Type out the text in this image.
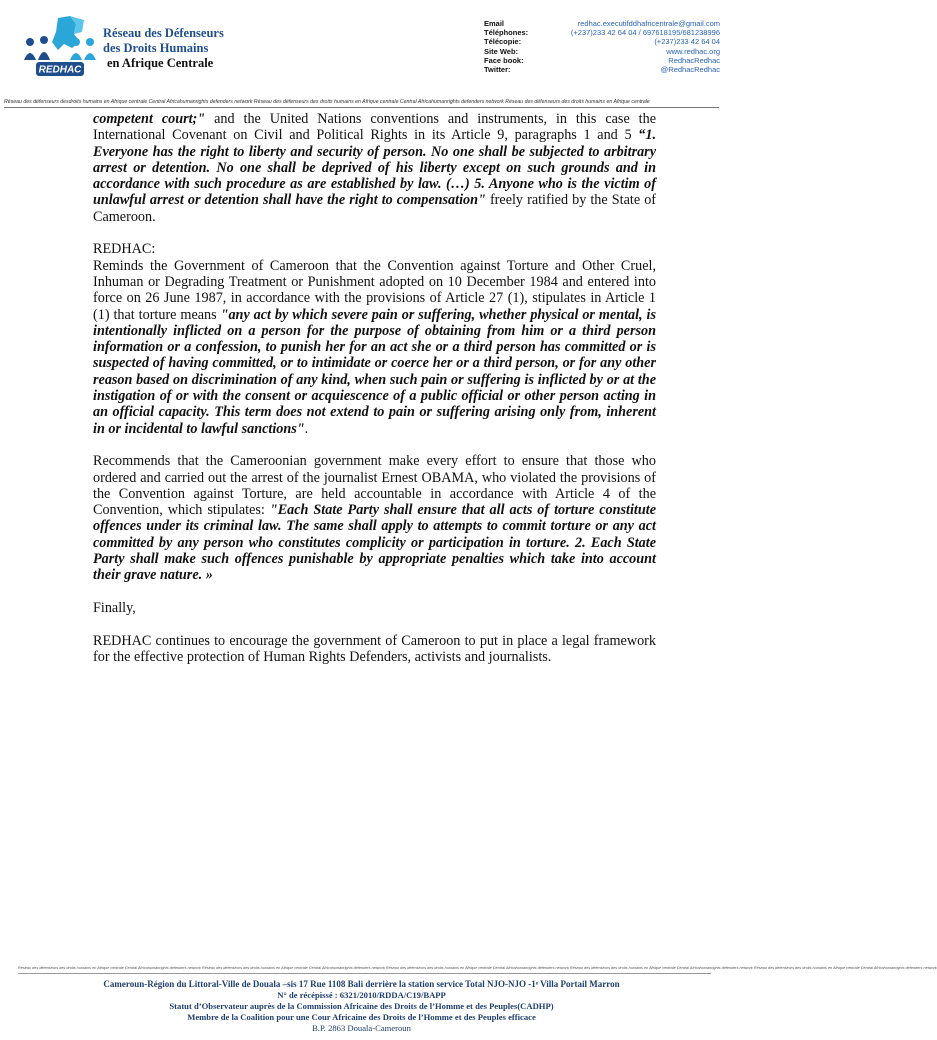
REDHAC
Réseau des Défenseurs
des Droits Humains
en Afrique Centrale
Email	redhac.executifddhafricentrale@gmail.com
Téléphones:	(+237)233 42 64 04 / 697618195/681238996
Télécopie:	(+237)233 42 64 04
Site Web:	www.redhac.org
Face book:	RedhacRedhac
Twitter:	@RedhacRedhac
Réseau des défenseurs desdroits humains en Afrique centrale Central Africahumanrights defenders network Réseau des défenseurs des droits humains en Afrique centrale Central Africahumanrights defenders network Réseau des défenseurs des droits humains en Afrique centrale

competent court;" and the United Nations conventions and instruments, in this case the International Covenant on Civil and Political Rights in its Article 9, paragraphs 1 and 5 “1. Everyone has the right to liberty and security of person. No one shall be subjected to arbitrary arrest or detention. No one shall be deprived of his liberty except on such grounds and in accordance with such procedure as are established by law. (…) 5. Anyone who is the victim of unlawful arrest or detention shall have the right to compensation" freely ratified by the State of Cameroon.

REDHAC:

Reminds the Government of Cameroon that the Convention against Torture and Other Cruel, Inhuman or Degrading Treatment or Punishment adopted on 10 December 1984 and entered into force on 26 June 1987, in accordance with the provisions of Article 27 (1), stipulates in Article 1 (1) that torture means "any act by which severe pain or suffering, whether physical or mental, is intentionally inflicted on a person for the purpose of obtaining from him or a third person information or a confession, to punish her for an act she or a third person has committed or is suspected of having committed, or to intimidate or coerce her or a third person, or for any other reason based on discrimination of any kind, when such pain or suffering is inflicted by or at the instigation of or with the consent or acquiescence of a public official or other person acting in an official capacity. This term does not extend to pain or suffering arising only from, inherent in or incidental to lawful sanctions".

Recommends that the Cameroonian government make every effort to ensure that those who ordered and carried out the arrest of the journalist Ernest OBAMA, who violated the provisions of the Convention against Torture, are held accountable in accordance with Article 4 of the Convention, which stipulates: "Each State Party shall ensure that all acts of torture constitute offences under its criminal law. The same shall apply to attempts to commit torture or any act committed by any person who constitutes complicity or participation in torture. 2. Each State Party shall make such offences punishable by appropriate penalties which take into account their grave nature. »

Finally,

REDHAC continues to encourage the government of Cameroon to put in place a legal framework for the effective protection of Human Rights Defenders, activists and journalists.

Réseau des défenseurs des droits humains en Afrique centrale Central Africahumanrights defenders network Réseau des défenseurs des droits humains en Afrique centrale Central Africahumanrights defenders network Réseau des défenseurs des droits humains en Afrique centrale Central Africahumanrights defenders network Réseau des défenseurs des droits humains en Afrique centrale Central Africahumanrights defenders network Réseau des défenseurs des droits humains en Afrique centrale Central Africahumanrights defenders network
Cameroun-Région du Littoral-Ville de Douala –sis 17 Rue 1108 Bali derrière la station service Total NJO-NJO -1ᵉ Villa Portail Marron
N° de récépissé : 6321/2010/RDDA/C19/BAPP
Statut d’Observateur auprès de la Commission Africaine des Droits de l’Homme et des Peuples(CADHP)
Membre de la Coalition pour une Cour Africaine des Droits de l’Homme et des Peuples efficace
B.P. 2863 Douala-Cameroun
